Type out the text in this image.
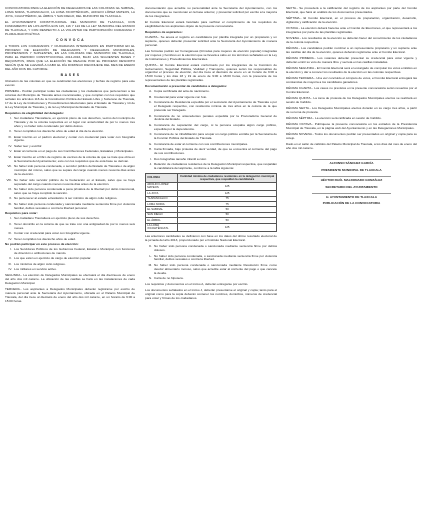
CONVOCATORIA PARA LA ELECCIÓN DE DELEGADOS DE LAS COLONIAS: EL SABINAL, LOMA NORIA, TLAPANCALCO, LA LOMA XICOHTÉNCATL, ADOLFO LÓPEZ MATEOS, LA JOYA, CUAUHTÉMOC, EL ÁRBOL Y SAN DIEGO, DEL MUNICIPIO DE TLAXCALA.

EL AYUNTAMIENTO CONSTITUCIONAL DEL MUNICIPIO DE TLAXCALA, CON FUNDAMENTO EN LOS ARTÍCULOS 115, 116 Y 124 DE LA LEY MUNICIPAL DEL ESTADO DE TLAXCALA, Y CON RESPECTO A LA VOLUNTAD DE PARTICIPACIÓN CIUDADANA Y PLURALIDAD POLÍTICA:

C O N V O C A

A TODOS LOS CIUDADANOS Y CIUDADANAS INTERESADOS EN PARTICIPAR EN EL PROCESO DE ELECCIÓN DE DELEGADOS Y DELEGADAS MUNICIPALES, PROPIETARIOS Y SUPLENTES, EN LAS COLONIAS DEL MUNICIPIO DE TLAXCALA, PARA EL PERIODO CONSTITUCIONAL 2014-2016, BAJO LAS SIGUIENTES BASES Y REQUISITOS, PARA QUE LA ELECCIÓN SE REALICE POR EL PROCESO DESCRITO SEGÚN QUE SE LLEVARÁ A CABO EL DÍA DOMINGO DIECINUEVE DEL MES DE ENERO DEL AÑO DOS MIL CATORCE.

B A S E S

Ubicación de las colonias en que se celebrarán las elecciones y fechas de registro para este evento:

PRIMERA.- Podrán participar todas las ciudadanas y los ciudadanos que pertenezcan a las colonias del Municipio de Tlaxcala antes mencionadas, y que cumplan con los requisitos que señalan los artículos 116 de la Constitución Política del Estado Libre y Soberano de Tlaxcala, 17 de la Ley de Instituciones y Procedimientos Electorales para el Estado de Tlaxcala y 14 de la Ley Municipal de Tlaxcala, y de la Ley Municipal del Estado de Tlaxcala.

Requisitos de elegibilidad del delegado:

I. Ser ciudadano Tlaxcalteca, en ejercicio pleno de sus derechos, vecino del municipio de Tlaxcala y de la colonia respectiva en el lugar con anterioridad de por lo menos tres años y no haber sido condenado por delito doloso.
II. Tener cumplidos los dieciocho años de edad al día de la elección.
III. Estar inscrito en el padrón electoral y contar con credencial para votar con fotografía vigente.
IV. Saber leer y escribir.
V. Estar al corriente en el pago de sus Contribuciones Federales, Estatales y Municipales.
VI. Estar inscrito en el libro de registro de vecinos de la colonia de que se trate que obra en la Secretaría del Ayuntamiento; esto con los requisitos que de esta base se derivan.
VII. No haber sido persona condenada, o servidor público del Estado de Tlaxcala o de algún municipio del mismo, salvo que se separe del cargo cuando menos noventa días antes de la elección.
VIII. No haber sido servidor público de la Federación en el Estado, salvo que se haya separado del cargo cuando menos noventa días antes de la elección.
IX. No haber sido persona condenada a pena privativa de la libertad por delito intencional, salvo que se haya cumplido la sanción.
X. No pertenecer al estado eclesiástico ni ser ministro de algún culto religioso.
XI. No haber sido persona condenada y sancionada mediante sentencia firme por violencia familiar, delitos sexuales o contra la libertad personal.

Requisitos para votar:

I. Ser ciudadano Tlaxcalteca en ejercicio pleno de sus derechos.
II. Tener domicilio en la colonia de que se trate con una antigüedad de por lo menos seis meses.
III. Contar con credencial para votar con fotografía vigente.
IV. Tener cumplidos los dieciocho años de edad.

No podrán participar en este proceso de elección:

I. Los Servidores Públicos de los Gobiernos Federal, Estatal o Municipal, con funciones de dirección o atribuciones de mando.
II. Los que estén en ejercicio de cargo de elección popular.
III. Los ministros de algún culto religioso.
IV. Los militares en servicio activo.

SEGUNDA.- La elección de Delegados Municipales se efectuará el día diecinueve de enero del año dos mil catorce. La ubicación de las casillas se hará en las instalaciones de cada Delegación Municipal.

TERCERA.- Los aspirantes a Delegados Municipales deberán registrarse por escrito de manera personal ante la Secretaría del Ayuntamiento, ubicada en el Palacio Municipal de Tlaxcala, del día trece al dieciséis de enero del año dos mil catorce, en un horario de 9:00 a 15:00 horas.

documentación que acredite su personalidad ante la Secretaría del Ayuntamiento, con los documentos que se mencionan en la base anterior, y presentar solicitud por escrito a la mayoría de los integrantes.

El Comité Electoral estará facultado para verificar el cumplimiento de los requisitos de elegibilidad de los aspirantes objeto de la presente convocatoria.

Requisitos de aspirantes:

CUARTA.- Se anexa el registro en candidatura por planilla integrada por un propietario y un suplente, quienes deberán presentar solicitud ante la Secretaría del Ayuntamiento de manera personal.

Las fórmulas podrán ser homogéneas (fórmulas para mujeres de elección popular) integradas por mujeres y hombres en la elección que se llevará a cabo en los términos señalados en la Ley de Instituciones y Procedimientos Electorales.

QUINTA.- El Comité Electoral estará conformado por los integrantes de la Comisión de Gobernación, Seguridad Pública, Vialidad y Transporte, quienes serán los responsables de organizar el proceso de elección, del día trece al dieciséis de enero en un horario de 9:00 a 15:00 horas y los días 18 y 19 de enero de 9:00 a 18:00 horas, con la presencia de los representantes de las planillas registradas.

Documentación a presentar de candidatos a delegados:

A. Copia certificada del acta de nacimiento.
B. Credencial para votar vigente con foto.
C. Constancia de Residencia expedida por el secretario del Ayuntamiento de Tlaxcala o por el Delegado respectivo, con residencia mínima de tres años en la colonia de la que pretende ser Delegado.
D. Constancia de no antecedentes penales expedida por la Procuraduría General de Justicia del Estado.
E. Constancia de separación del cargo, si la persona ocupaba algún cargo público, expedida por la dependencia.
F. Constancia de no inhabilitación para ocupar un cargo público emitida por la Secretaría de la Función Pública del Estado de Tlaxcala.
G. Constancia de estar al corriente con sus contribuciones municipales.
H. Carta firmada, bajo protesta de decir verdad, de que se encuentra al corriente del pago de sus contribuciones.
I. Dos fotografías tamaño infantil a color.
J. Relación de ciudadanos residentes de la Delegación Municipal respectiva, que respaldan la candidatura del aspirante, conforme a la tabla siguiente:
COLONIA	Cantidad mínima de ciudadanos residentes en la delegación municipal respectiva, que respaldan la candidatura
ADOLFO LÓPEZ MATEOS	125
LA JOYA	125
TLAPANCALCO	75
LOMA NORIA	75
EL SABINAL	50
SAN DIEGO	50
EL ÁRBOL	50
LA LOMA XICOHTÉNCATL	125

Las anteriores cantidades se definieron con base en los datos del último resultado electoral de la jornada del año 2013, proporcionado por el Instituto Nacional Electoral.

K. No haber sido persona condenada o sancionada mediante sentencia firme por delitos dolosos.
L. No haber sido persona condenada, o sancionada mediante sentencia firme por violencia familiar, delitos sexuales o contra la libertad.
M. No haber sido persona condenada o sancionada mediante Resolución firme como deudor alimentario moroso, salvo que acredite estar al corriente del pago o que cancele la deuda.
N. Carta de no hipoteca.

Los requisitos y documentos en el inciso A, deberán entregarse por escrito.

Los documentos señalados en el inciso J, deberán presentarse el original y copia; tanto para el original como para la copia deberán contener los nombres, domicilios, números de credencial para votar y firmas de los ciudadanos.

SEXTA.- Se procederá a la calificación del registro de los aspirantes por parte del Comité Electoral, que hará un análisis de los documentos presentados.

SÉPTIMA.- El Comité Electoral, en el proceso de preparación, organización, desarrollo, vigilancia y calificación de la elección.

OCTAVA.- La elección deberá hacerse ante el Comité de Elecciones, el que representará a los integrantes por parte de las planillas registradas.

NOVENA.- Los resultados de la elección se deberán hacer del conocimiento de los ciudadanos de la colonia respectiva.

DÉCIMA.- Los candidatos podrán nombrar a un representante propietario y un suplente ante las casillas del día de la elección, quienes deberán registrarse ante el Comité Electoral.

DÉCIMA PRIMERA.- Los votantes deberán presentar su credencial para votar vigente y deberán emitir su voto de manera libre y secreta en las casillas instaladas.

DÉCIMA SEGUNDA.- El Comité Electoral será el encargado de computar los votos emitidos en la elección y dar a conocer los resultados de la elección en las colonias respectivas.

DÉCIMA TERCERA.- Una vez concluido el cómputo de votos, el Comité Electoral entregará las constancias de mayoría a los candidatos ganadores.

DÉCIMA CUARTA.- Los casos no previstos en la presente convocatoria serán resueltos por el Comité Electoral.

DÉCIMA QUINTA.- La toma de protesta de los Delegados Municipales electos se realizará en sesión de Cabildo.

DÉCIMA SEXTA.- Los Delegados Municipales electos durarán en su cargo tres años, a partir de su toma de protesta.

DÉCIMA SÉPTIMA.- La elección será ratificada en sesión de Cabildo.

DÉCIMA OCTAVA.- Publíquese la presente convocatoria en los estrados de la Presidencia Municipal de Tlaxcala, en la página web del Ayuntamiento y en las Delegaciones Municipales.

DÉCIMA NOVENA.- Todos los documentos podrán ser presentados en original y copia para su cotejo.

Dado en el salón de cabildos del Palacio Municipal de Tlaxcala, a los días del mes de enero del año dos mil catorce.

ALFONSO SÁNCHEZ GARCÍA
PRESIDENTE MUNICIPAL DE TLAXCALA
HÉCTOR RAÚL MALDONADO GONZÁLEZ
SECRETARIO DEL AYUNTAMIENTO
H. AYUNTAMIENTO DE TLAXCALA
PUBLICACIÓN DE LA CONVOCATORIA
